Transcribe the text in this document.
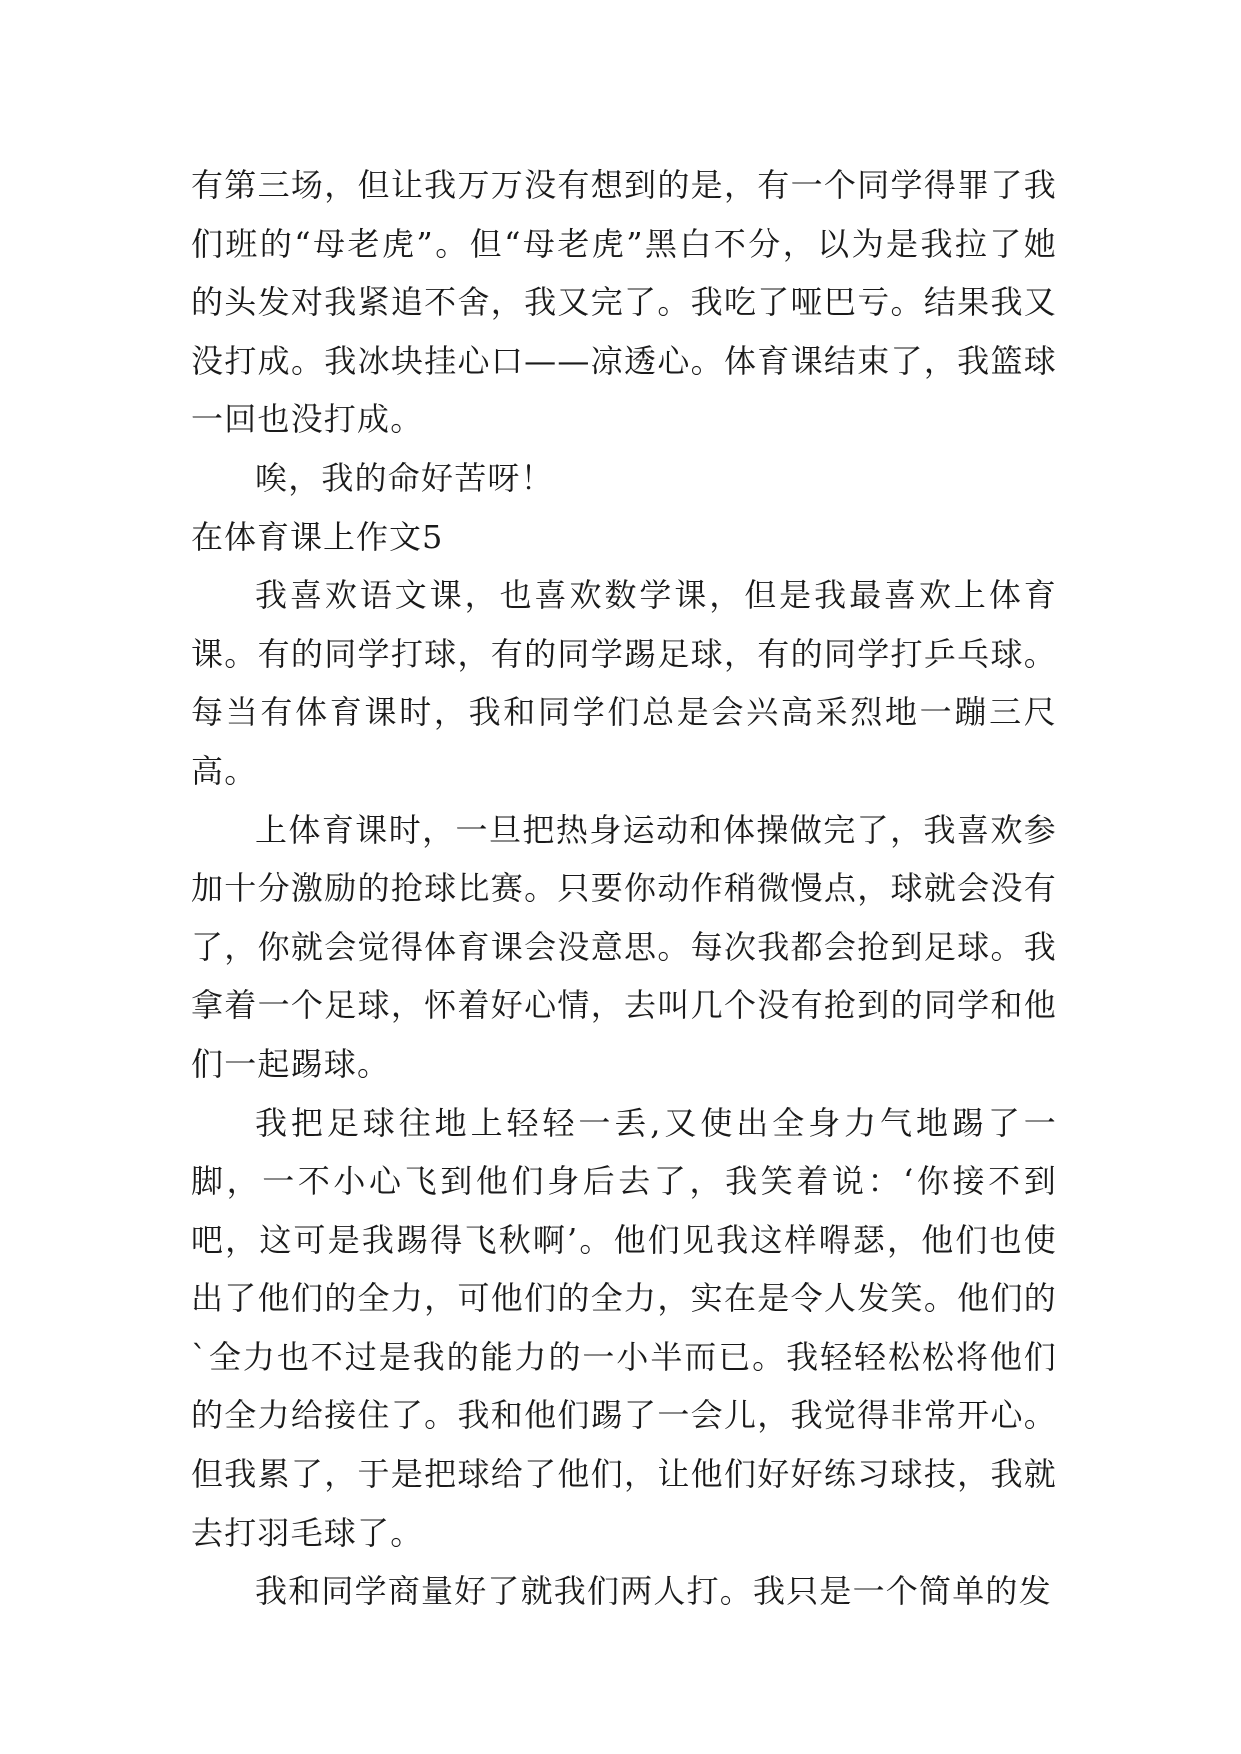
有第三场，但让我万万没有想到的是，有一个同学得罪了我们班的“母老虎”。但“母老虎”黑白不分，以为是我拉了她的头发对我紧追不舍，我又完了。我吃了哑巴亏。结果我又没打成。我冰块挂心口——凉透心。体育课结束了，我篮球一回也没打成。

唉，我的命好苦呀！

在体育课上作文5

我喜欢语文课，也喜欢数学课，但是我最喜欢上体育课。有的同学打球，有的同学踢足球，有的同学打乒乓球。每当有体育课时，我和同学们总是会兴高采烈地一蹦三尺高。

上体育课时，一旦把热身运动和体操做完了，我喜欢参加十分激励的抢球比赛。只要你动作稍微慢点，球就会没有了，你就会觉得体育课会没意思。每次我都会抢到足球。我拿着一个足球，怀着好心情，去叫几个没有抢到的同学和他们一起踢球。

我把足球往地上轻轻一丢,又使出全身力气地踢了一脚，一不小心飞到他们身后去了，我笑着说：‘你接不到吧，这可是我踢得飞秋啊’。他们见我这样嘚瑟，他们也使出了他们的全力，可他们的全力，实在是令人发笑。他们的`全力也不过是我的能力的一小半而已。我轻轻松松将他们的全力给接住了。我和他们踢了一会儿，我觉得非常开心。但我累了，于是把球给了他们，让他们好好练习球技，我就去打羽毛球了。

我和同学商量好了就我们两人打。我只是一个简单的发
